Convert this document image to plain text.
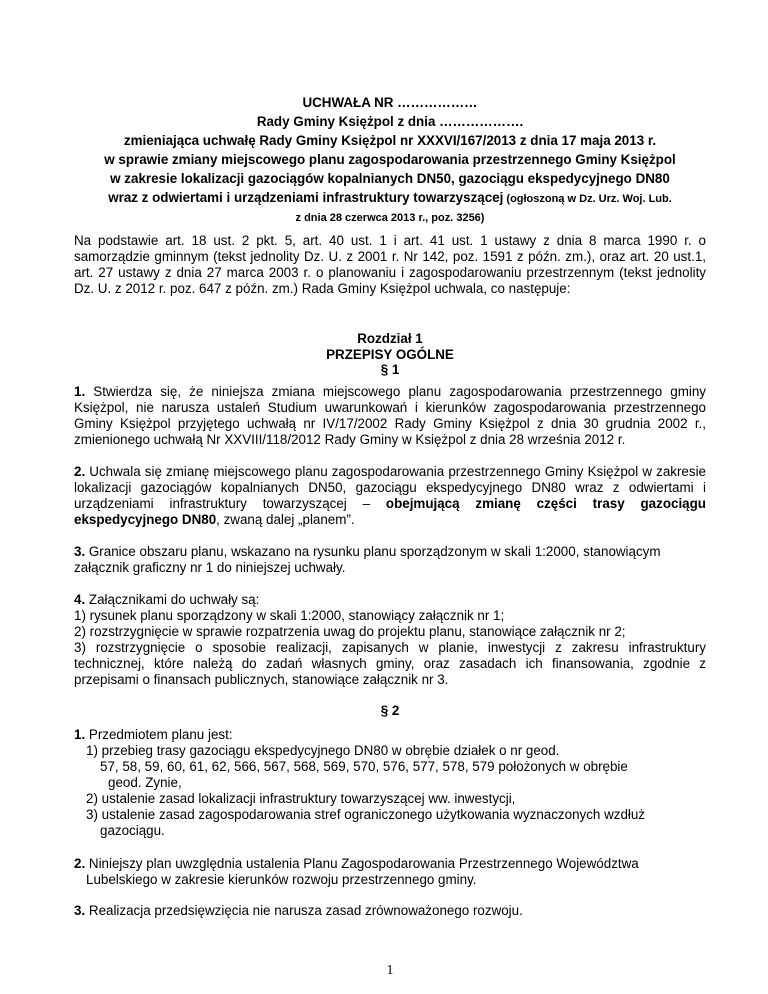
UCHWAŁA NR ………………
Rady Gminy Księżpol z dnia ……………….
zmieniająca uchwałę Rady Gminy Księżpol nr XXXVI/167/2013 z dnia 17 maja 2013 r.
w sprawie zmiany miejscowego planu zagospodarowania przestrzennego Gminy Księżpol
w zakresie lokalizacji gazociągów kopalnianych DN50, gazociągu ekspedycyjnego DN80
wraz z odwiertami i urządzeniami infrastruktury towarzyszącej (ogłoszoną w Dz. Urz. Woj. Lub.
z dnia 28 czerwca 2013 r., poz. 3256)

Na podstawie art. 18 ust. 2 pkt. 5, art. 40 ust. 1 i art. 41 ust. 1 ustawy z dnia 8 marca 1990 r. o samorządzie gminnym (tekst jednolity Dz. U. z 2001 r. Nr 142, poz. 1591 z późn. zm.), oraz art. 20 ust.1, art. 27 ustawy z dnia 27 marca 2003 r. o planowaniu i zagospodarowaniu przestrzennym (tekst jednolity Dz. U. z 2012 r. poz. 647 z późn. zm.) Rada Gminy Księżpol uchwala, co następuje:

Rozdział 1

PRZEPISY OGÓLNE

§ 1

1. Stwierdza się, że niniejsza zmiana miejscowego planu zagospodarowania przestrzennego gminy Księżpol, nie narusza ustaleń Studium uwarunkowań i kierunków zagospodarowania przestrzennego Gminy Księżpol przyjętego uchwałą nr IV/17/2002 Rady Gminy Księżpol z dnia 30 grudnia 2002 r., zmienionego uchwałą Nr XXVIII/118/2012 Rady Gminy w Księżpol z dnia 28 września 2012 r.

2. Uchwala się zmianę miejscowego planu zagospodarowania przestrzennego Gminy Księżpol w zakresie lokalizacji gazociągów kopalnianych DN50, gazociągu ekspedycyjnego DN80 wraz z odwiertami i urządzeniami infrastruktury towarzyszącej – obejmującą zmianę części trasy gazociągu ekspedycyjnego DN80, zwaną dalej „planem”.

3. Granice obszaru planu, wskazano na rysunku planu sporządzonym w skali 1:2000, stanowiącym załącznik graficzny nr 1 do niniejszej uchwały.

4. Załącznikami do uchwały są:

1) rysunek planu sporządzony w skali 1:2000, stanowiący załącznik nr 1;

2) rozstrzygnięcie w sprawie rozpatrzenia uwag do projektu planu, stanowiące załącznik nr 2;

3) rozstrzygnięcie o sposobie realizacji, zapisanych w planie, inwestycji z zakresu infrastruktury technicznej, które należą do zadań własnych gminy, oraz zasadach ich finansowania, zgodnie z przepisami o finansach publicznych, stanowiące załącznik nr 3.

§ 2

1. Przedmiotem planu jest:

1) przebieg trasy gazociągu ekspedycyjnego DN80 w obrębie działek o nr geod.

57, 58, 59, 60, 61, 62, 566, 567, 568, 569, 570, 576, 577, 578, 579 położonych w obrębie

geod. Zynie,

2) ustalenie zasad lokalizacji infrastruktury towarzyszącej ww. inwestycji,

3) ustalenie zasad zagospodarowania stref ograniczonego użytkowania wyznaczonych wzdłuż

gazociągu.

2. Niniejszy plan uwzględnia ustalenia Planu Zagospodarowania Przestrzennego Województwa

Lubelskiego w zakresie kierunków rozwoju przestrzennego gminy.

3. Realizacja przedsięwzięcia nie narusza zasad zrównoważonego rozwoju.

1
